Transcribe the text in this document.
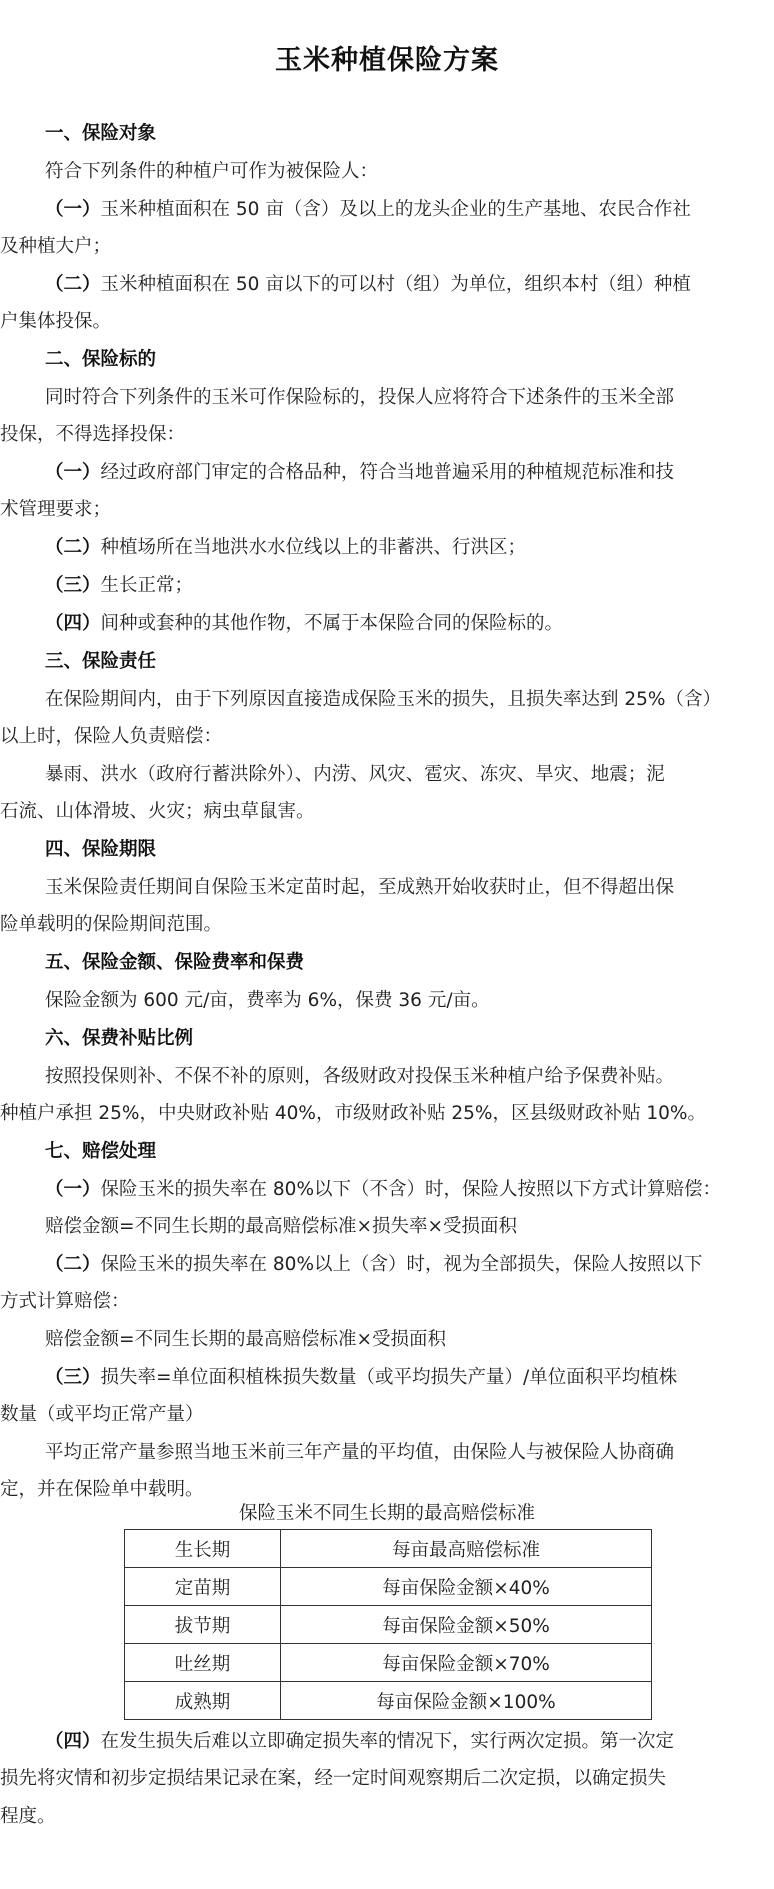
玉米种植保险方案
一、保险对象
符合下列条件的种植户可作为被保险人：
（一）玉米种植面积在 50 亩（含）及以上的龙头企业的生产基地、农民合作社
及种植大户；
（二）玉米种植面积在 50 亩以下的可以村（组）为单位，组织本村（组）种植
户集体投保。
二、保险标的
同时符合下列条件的玉米可作保险标的，投保人应将符合下述条件的玉米全部
投保，不得选择投保：
（一）经过政府部门审定的合格品种，符合当地普遍采用的种植规范标准和技
术管理要求；
（二）种植场所在当地洪水水位线以上的非蓄洪、行洪区；
（三）生长正常；
（四）间种或套种的其他作物，不属于本保险合同的保险标的。
三、保险责任
在保险期间内，由于下列原因直接造成保险玉米的损失，且损失率达到 25%（含）
以上时，保险人负责赔偿：
暴雨、洪水（政府行蓄洪除外）、内涝、风灾、雹灾、冻灾、旱灾、地震；泥
石流、山体滑坡、火灾；病虫草鼠害。
四、保险期限
玉米保险责任期间自保险玉米定苗时起，至成熟开始收获时止，但不得超出保
险单载明的保险期间范围。
五、保险金额、保险费率和保费
保险金额为 600 元/亩，费率为 6%，保费 36 元/亩。
六、保费补贴比例
按照投保则补、不保不补的原则，各级财政对投保玉米种植户给予保费补贴。
种植户承担 25%，中央财政补贴 40%，市级财政补贴 25%，区县级财政补贴 10%。
七、赔偿处理
（一）保险玉米的损失率在 80%以下（不含）时，保险人按照以下方式计算赔偿：
赔偿金额=不同生长期的最高赔偿标准×损失率×受损面积
（二）保险玉米的损失率在 80%以上（含）时，视为全部损失，保险人按照以下
方式计算赔偿：
赔偿金额=不同生长期的最高赔偿标准×受损面积
（三）损失率=单位面积植株损失数量（或平均损失产量）/单位面积平均植株
数量（或平均正常产量）
平均正常产量参照当地玉米前三年产量的平均值，由保险人与被保险人协商确
定，并在保险单中载明。
保险玉米不同生长期的最高赔偿标准
生长期	每亩最高赔偿标准
定苗期	每亩保险金额×40%
拔节期	每亩保险金额×50%
吐丝期	每亩保险金额×70%
成熟期	每亩保险金额×100%
（四）在发生损失后难以立即确定损失率的情况下，实行两次定损。第一次定
损先将灾情和初步定损结果记录在案，经一定时间观察期后二次定损，以确定损失
程度。
